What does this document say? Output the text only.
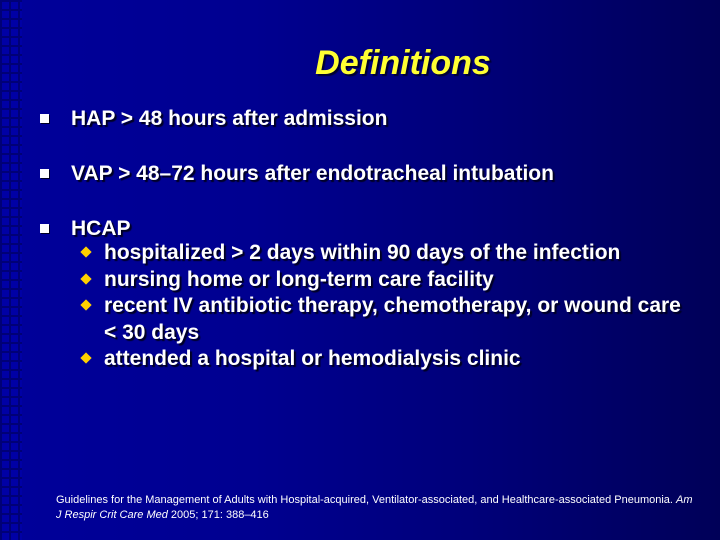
Definitions
HAP > 48 hours after admission
VAP > 48–72 hours after endotracheal intubation
HCAP
hospitalized > 2 days within 90 days of the infection
nursing home or long-term care facility
recent IV antibiotic therapy, chemotherapy, or wound care < 30 days
attended a hospital or hemodialysis clinic
Guidelines for the Management of Adults with Hospital-acquired, Ventilator-associated, and Healthcare-associated Pneumonia. Am J Respir Crit Care Med 2005; 171: 388–416
